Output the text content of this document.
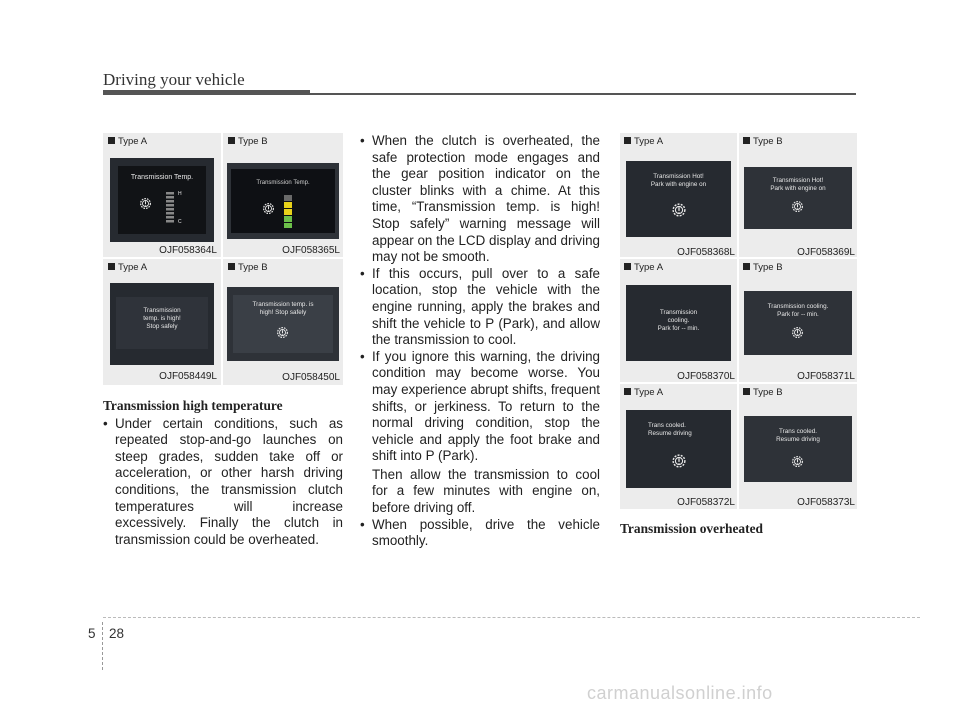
Driving your vehicle
Type A
Transmission Temp.
H
C
OJF058364L
Type B
Transmission Temp.
OJF058365L
Type A
Transmission
temp. is high!
Stop safely
OJF058449L
Type B
Transmission temp. is
high! Stop safely
OJF058450L
Type A
Transmission Hot!
Park with engine on
OJF058368L
Type B
Transmission Hot!
Park with engine on
OJF058369L
Type A
Transmission
cooling.
Park for -- min.
OJF058370L
Type B
Transmission cooling.
Park for -- min.
OJF058371L
Type A
Trans cooled.
Resume driving
OJF058372L
Type B
Trans cooled.
Resume driving
OJF058373L
Transmission high temperature

• Under certain conditions, such as repeated stop-and-go launches on steep grades, sudden take off or acceleration, or other harsh driving conditions, the transmission clutch temperatures will increase excessively. Finally the clutch in transmission could be overheated.

• When the clutch is overheated, the safe protection mode engages and the gear position indicator on the cluster blinks with a chime. At this time, “Transmission temp. is high! Stop safely” warning message will appear on the LCD display and driving may not be smooth.

• If this occurs, pull over to a safe location, stop the vehicle with the engine running, apply the brakes and shift the vehicle to P (Park), and allow the transmission to cool.

• If you ignore this warning, the driving condition may become worse. You may experience abrupt shifts, frequent shifts, or jerkiness. To return to the normal driving condition, stop the vehicle and apply the foot brake and shift into P (Park).

Then allow the transmission to cool for a few minutes with engine on, before driving off.

• When possible, drive the vehicle smoothly.

Transmission overheated
5 28
carmanualsonline.info
